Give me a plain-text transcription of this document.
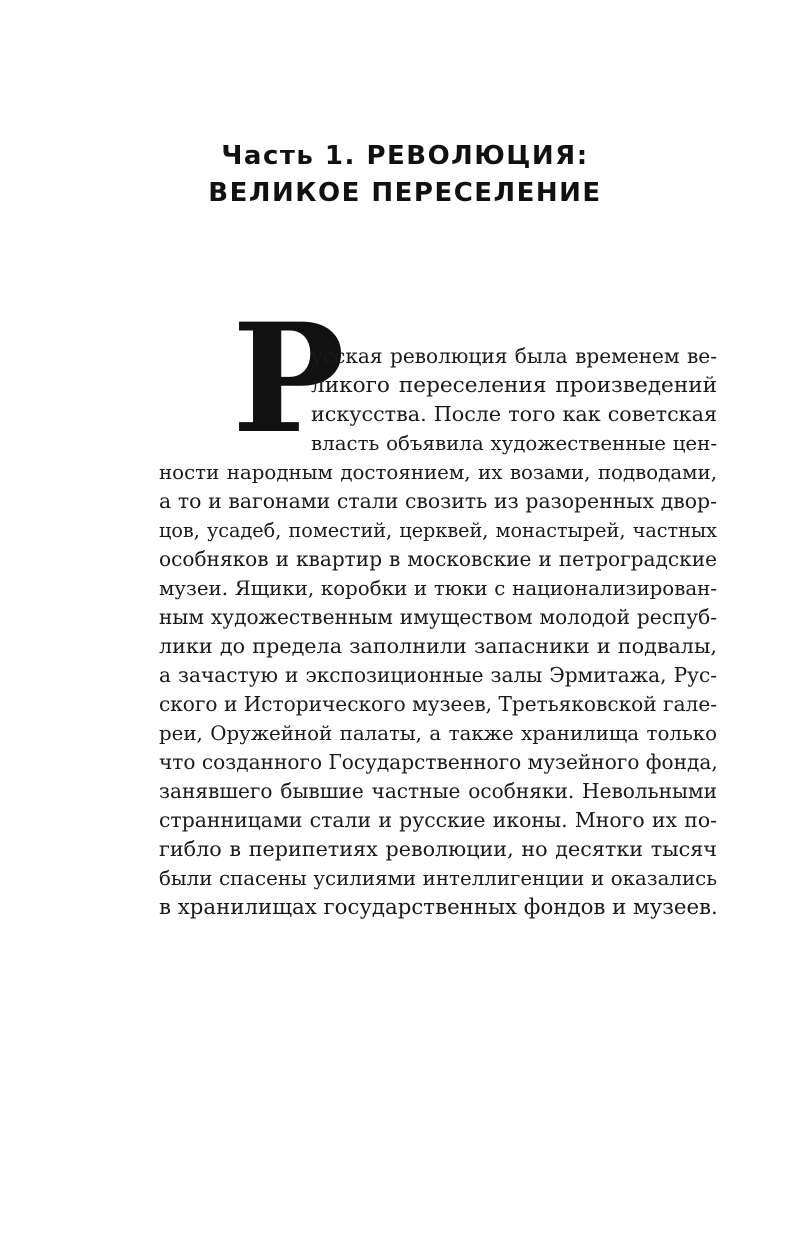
Часть 1. РЕВОЛЮЦИЯ:
ВЕЛИКОЕ ПЕРЕСЕЛЕНИЕ
Р
усская революция была временем ве-
ликого переселения произведений
искусства. После того как советская
власть объявила художественные цен-
ности народным достоянием, их возами, подводами,
а то и вагонами стали свозить из разоренных двор-
цов, усадеб, поместий, церквей, монастырей, частных
особняков и квартир в московские и петроградские
музеи. Ящики, коробки и тюки с национализирован-
ным художественным имуществом молодой респуб-
лики до предела заполнили запасники и подвалы,
а зачастую и экспозиционные залы Эрмитажа, Рус-
ского и Исторического музеев, Третьяковской гале-
реи, Оружейной палаты, а также хранилища только
что созданного Государственного музейного фонда,
занявшего бывшие частные особняки. Невольными
странницами стали и русские иконы. Много их по-
гибло в перипетиях революции, но десятки тысяч
были спасены усилиями интеллигенции и оказались
в хранилищах государственных фондов и музеев.
